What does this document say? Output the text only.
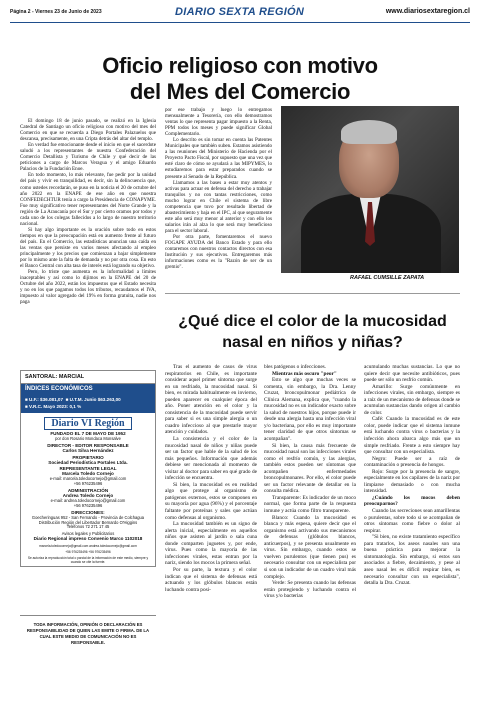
Página 2 - Viernes 23 de Junio de 2023	DIARIO SEXTA REGIÓN	www.diariosextaregion.cl
Oficio religioso con motivo
del Mes del Comercio

El domingo 18 de junio pasado, se realizó en la Iglesia Catedral de Santiago un oficio religioso con motivo del mes del Comercio en que se recuerda a Diego Portales Palazuelos que descansa, precisamente, en una Cripta detrás del altar del templo.

En verdad fue emocionante desde el inicio en que el sacerdote saludó a los representantes de nuestra Confederación del Comercio Detallista y Turismo de Chile y qué decir de las peticiones a cargo de Marcos Veragua y el amigo Eduardo Palacios de la Fundación Enoe.

En todo momento, lo más relevante, fue pedir por la unidad del país y vivir en tranquilidad, es decir, sin la delincuencia que, como ustedes recordarán, se puso en la noticia el 20 de octubre del año 2022 en la ENAPE de ese año en que nuestra CONFEDECHTUR tenía a cargo la Presidencia de CONAPYME. Fue muy significativo tener representantes del Norte Grande y la región de La Araucanía por el Sur y por cierto oramos por todos y cada uno de los colegas fallecidos a lo largo de nuestro territorio nacional.

Si hay algo importante es la oración sobre todo en estos tiempos en que la preocupación está en aumento frente al futuro del país. En el Comercio, las estadísticas anuncian una caída en las ventas que persiste en varios meses afectando al empleo principalmente y los precios que comienzan a bajar simplemente por lo mismo ante la falta de demanda y no por otra cosa. En esto el Banco Central con alta tasa de interés está logrando su objetivo.

Pero, lo triste que aumenta es la informalidad a límites inaceptables y así como lo dijimos en la ENAPE del 20 de Octubre del año 2022, están los impuestos que el Estado necesita y no en los que pagamos todos los tributos, recaudamos el IVA, impuesto al valor agregado del 19% en forma gratuita, nadie nos paga

por ese trabajo y luego lo entregamos mensualmente a Tesorería, con ello demostramos ventas lo que representa pagar impuesto a la Renta, PPM todos los meses y puede significar Global Complementario.

Lo descrito es sin tomar en cuenta las Patentes Municipales que también suben. Estamos asistiendo a las reuniones del Ministerio de Hacienda por el Proyecto Pacto Fiscal, por supuesto que una vez que esté claro de cómo se ayudará a las MIPYMES, lo estudiaremos para estar preparados cuando se presente al Senado de la República.

Llamamos a las bases a estar muy atentos y activas para actuar en defensa del derecho a trabajar tranquilos y no con tantas restricciones, como mucho lograr en Chile el sistema de libre competencia que tuvo por resultado libertad de abastecimiento y baja en el IPC, al que seguramente este año será muy menor al anterior y con ello los salarios irán al alza lo que será muy beneficioso para el sector laboral.

Por otra parte, fomentaremos el nuevo FOGAPE AYUDA del Banco Estado y para ello contaremos con nuestros contactos directos con esa Institución y sus ejecutivos. Entregaremos más informaciones como es la "Razón de ser de un gremio".

RAFAEL CUMSILLE ZAPATA
¿Qué dice el color de la mucosidad
nasal en niños y niñas?

Tras el aumento de casos de virus respiratorios en Chile, es importante considerar aquel primer síntoma que surge en un resfriado, la mucosidad nasal. Si bien, es mirada habitualmente en invierno, pueden aparecer en cualquier época del año. Poner atención en el color y la consistencia de la mucosidad puede servir para saber si es una simple alergia o un cuadro infeccioso al que prestarle mayor atención y cuidados.

La consistencia y el color de la mucosidad nasal de niños y niñas puede ser un factor que hable de la salud de los más pequeños. Información que además debiese ser mencionada al momento de visitar al doctor para saber en qué grado de infección se encuentra.

Si bien, la mucosidad es en realidad algo que protege al organismo de patógenos externos, estos se componen en su mayoría por agua (96%) y el porcentaje faltante por proteínas y sales que actúan como defensas al organismo.

La mucosidad también es un signo de alerta inicial, especialmente en aquellos niños que asisten al jardín o sala cuna donde comparten juguetes y, por ende, virus. Pues como la mayoría de las infecciones virales, estas entran por la nariz, siendo los mocos la primera señal.

Por su parte, la textura y el color indican que el sistema de defensas está actuando y los glóbulos blancos están luchando contra posi-

bles patógenos o infecciones.

Mientras más oscuro "peor"

Esto se algo que muchas veces se comenta, sin embargo, la Dra. Lenny Cruzat, broncopulmonar pediátrica de Clínica Alemana, explica que, "cuando la mucosidad no es un indicador exacto sobre la salud de nuestros hijos, porque puede ir desde una alergia hasta una infección viral y/o bacteriana, por ello es muy importante tener claridad de que otros síntomas se acompañan".

Si bien, la causa más frecuente de mucosidad nasal son las infecciones virales como el resfrío común, y las alergias, también estos pueden ser síntomas que acompañen enfermedades broncopulmonares. Por ello, el color puede ser un factor relevante de detallar en la consulta médica.

Transparente: Es indicador de un moco normal, que forma parte de la respuesta inmune y actúa como filtro transparente.

Blanco: Cuando la mucosidad es blanca y más espesa, quiere decir que el organismo está activando sus mecanismos de defensas (glóbulos blancos, anticuerpos), y se presenta usualmente en virus. Sin embargo, cuando estos se vuelven purulentos (que tienen pus) es necesario consultar con un especialista por si son un indicador de un cuadro viral más complejo.

Verde: Se presenta cuando las defensas están protegiendo y luchando contra el virus y/o bacterias

acumulando muchas sustancias. Lo que no quiere decir que necesite antibióticos, pues puede ser sólo un resfrío común.

Amarillo: Surge comúnmente en infecciones virales, sin embargo, siempre es a raíz de un mecanismo de defensas donde se acumulan sustancias dando origen al cambio de color.

Café: Cuando la mucosidad es de este color, puede indicar que el sistema inmune está luchando contra virus o bacterias y la infección ahora abarca algo más que un simple resfriado. Frente a esto siempre hay que consultar con un especialista.

Negro: Puede ser a raíz de contaminación o presencia de hongos.

Rojo: Surge por la presencia de sangre, especialmente en los capilares de la nariz por limpiarse demasiado o con mucha intensidad.

¿Cuándo los mocos deben preocuparnos?

Cuando las secreciones sean amarillentas o purulentas, sobre todo si se acompañan de otros síntomas como fiebre o dolor al respirar.

"Si bien, no existe tratamiento específico para tratarlos, los aseos nasales son una buena práctica para mejorar la sintomatología. Sin embargo, si estos son asociados a fiebre, decaimiento, y pese al aseo nasal les es difícil respirar bien, es necesario consultar con un especialista", detalla la Dra. Cruzat.

SANTORAL: MARCIAL
ÍNDICES ECONÓMICOS
■ U.F.: $36.081,07 ■ U.T.M. Junio $63.263,00
■ V.R.C. Mayo 2023: 0,1 %
Diario VI Región
FUNDADO EL 7 DE MAYO DE 1952
por don Rosario Mondaca Monsalve
DIRECTOR - EDITOR RESPONSABLE
Carlos Silva Hernández
PROPIETARIO
Sociedad Periodística Portales Ltda.
REPRESENTANTE LEGAL
Marcela Toledo Cornejo
e-mail: marcela.toledocornejo@gmail.com
+56 976235496
ADMINISTRACIÓN
Andrea Toledo Cornejo
e-mail: andrea.toledocornejo@gmail.com
+56 976235496
DIRECCIONES:
Goecheringuas 952 - San Fernando - Provincia de Colchagua
Distribución Región del Libertador Bernardo O'Higgins
Teléfonos 72 271 17 45
Avisos legales y Publicitarios
Diario Regional impreso Convenio Marco 1102018
marcela.toledocornejo@gmail.com andrea.toledocornejo@gmail.com
+56 976235496 +56 976235496
Se autoriza la reproducción total o parcial de la información de este medio, siempre y cuando se cite la fuente.
TODA INFORMACIÓN, OPINIÓN O DECLARACIÓN ES RESPONSABILIDAD DE QUIEN LAS EMITE O FIRMA. DE LA CUAL ESTE MEDIO DE COMUNICACIÓN NO ES RESPONSABLE.
